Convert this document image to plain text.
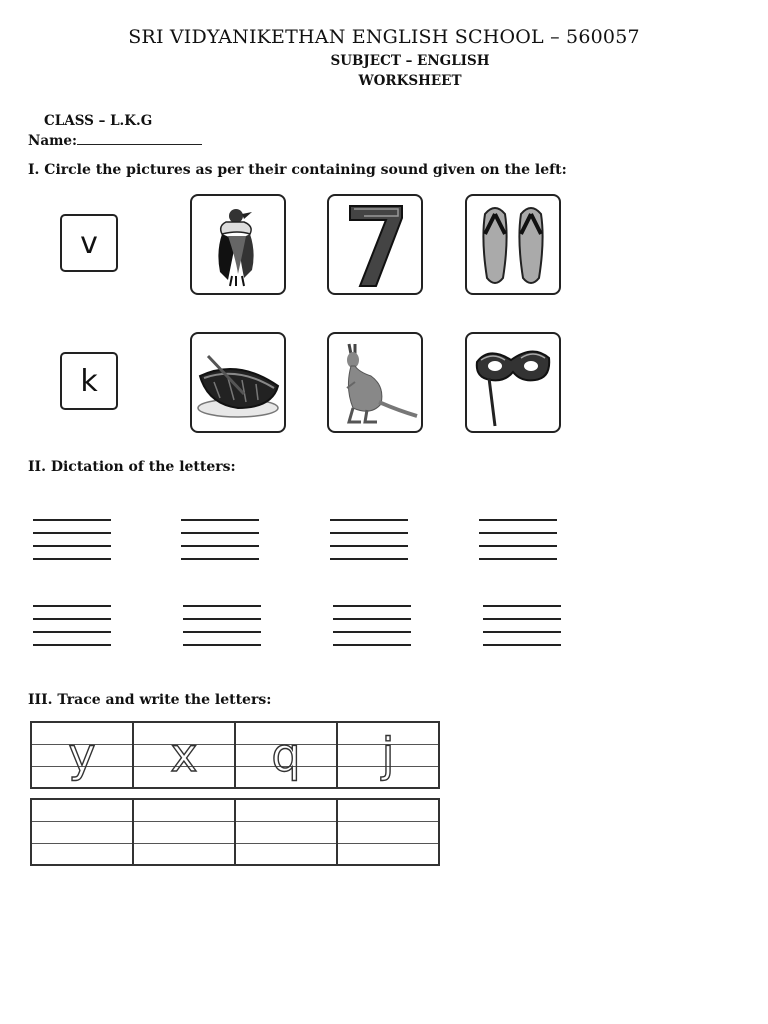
SRI VIDYANIKETHAN ENGLISH SCHOOL – 560057
SUBJECT – ENGLISH
WORKSHEET
CLASS – L.K.G
Name:
I. Circle the pictures as per their containing sound given on the left:
v
k
II. Dictation of the letters:
III. Trace and write the letters:
y	x	q	j
